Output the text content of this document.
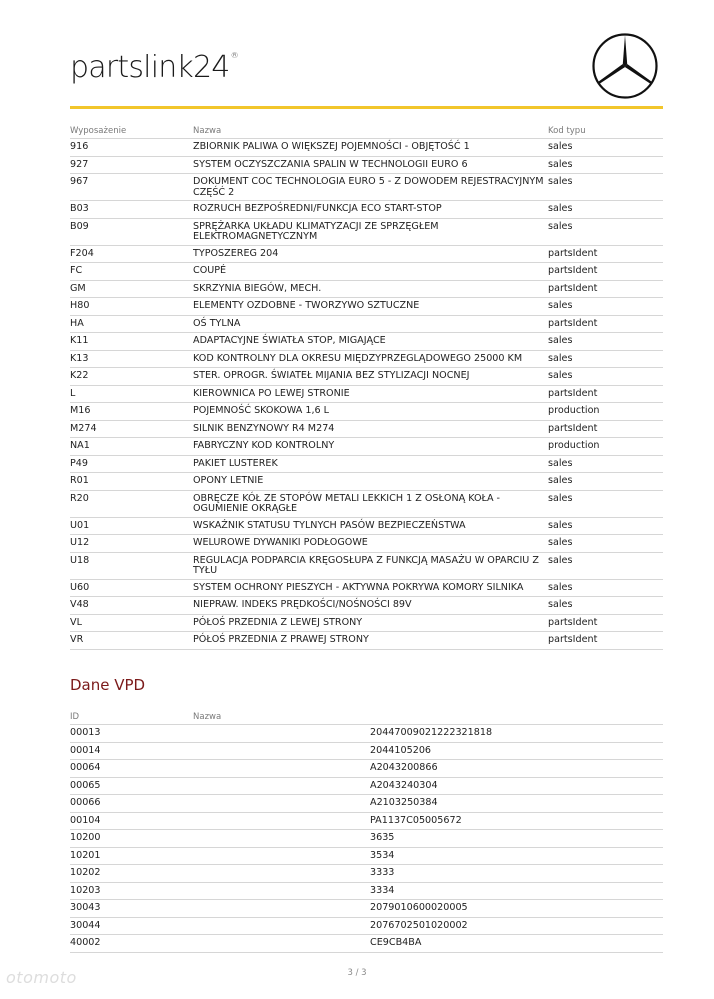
partslink24®
Wyposażenie	Nazwa	Kod typu
916	ZBIORNIK PALIWA O WIĘKSZEJ POJEMNOŚCI - OBJĘTOŚĆ 1	sales
927	SYSTEM OCZYSZCZANIA SPALIN W TECHNOLOGII EURO 6	sales
967	DOKUMENT COC TECHNOLOGIA EURO 5 - Z DOWODEM REJESTRACYJNYM CZĘŚĆ 2	sales
B03	ROZRUCH BEZPOŚREDNI/FUNKCJA ECO START-STOP	sales
B09	SPRĘŻARKA UKŁADU KLIMATYZACJI ZE SPRZĘGŁEM ELEKTROMAGNETYCZNYM	sales
F204	TYPOSZEREG 204	partsIdent
FC	COUPÉ	partsIdent
GM	SKRZYNIA BIEGÓW, MECH.	partsIdent
H80	ELEMENTY OZDOBNE - TWORZYWO SZTUCZNE	sales
HA	OŚ TYLNA	partsIdent
K11	ADAPTACYJNE ŚWIATŁA STOP, MIGAJĄCE	sales
K13	KOD KONTROLNY DLA OKRESU MIĘDZYPRZEGLĄDOWEGO 25000 KM	sales
K22	STER. OPROGR. ŚWIATEŁ MIJANIA BEZ STYLIZACJI NOCNEJ	sales
L	KIEROWNICA PO LEWEJ STRONIE	partsIdent
M16	POJEMNOŚĆ SKOKOWA 1,6 L	production
M274	SILNIK BENZYNOWY R4 M274	partsIdent
NA1	FABRYCZNY KOD KONTROLNY	production
P49	PAKIET LUSTEREK	sales
R01	OPONY LETNIE	sales
R20	OBRĘCZE KÓŁ ZE STOPÓW METALI LEKKICH 1 Z OSŁONĄ KOŁA - OGUMIENIE OKRĄGŁE	sales
U01	WSKAŹNIK STATUSU TYLNYCH PASÓW BEZPIECZEŃSTWA	sales
U12	WELUROWE DYWANIKI PODŁOGOWE	sales
U18	REGULACJA PODPARCIA KRĘGOSŁUPA Z FUNKCJĄ MASAŻU W OPARCIU Z TYŁU	sales
U60	SYSTEM OCHRONY PIESZYCH - AKTYWNA POKRYWA KOMORY SILNIKA	sales
V48	NIEPRAW. INDEKS PRĘDKOŚCI/NOŚNOŚCI 89V	sales
VL	PÓŁOŚ PRZEDNIA Z LEWEJ STRONY	partsIdent
VR	PÓŁOŚ PRZEDNIA Z PRAWEJ STRONY	partsIdent
Dane VPD
ID	Nazwa	
00013		20447009021222321818
00014		2044105206
00064		A2043200866
00065		A2043240304
00066		A2103250384
00104		PA1137C05005672
10200		3635
10201		3534
10202		3333
10203		3334
30043		2079010600020005
30044		2076702501020002
40002		CE9CB4BA
3 / 3
otomoto
